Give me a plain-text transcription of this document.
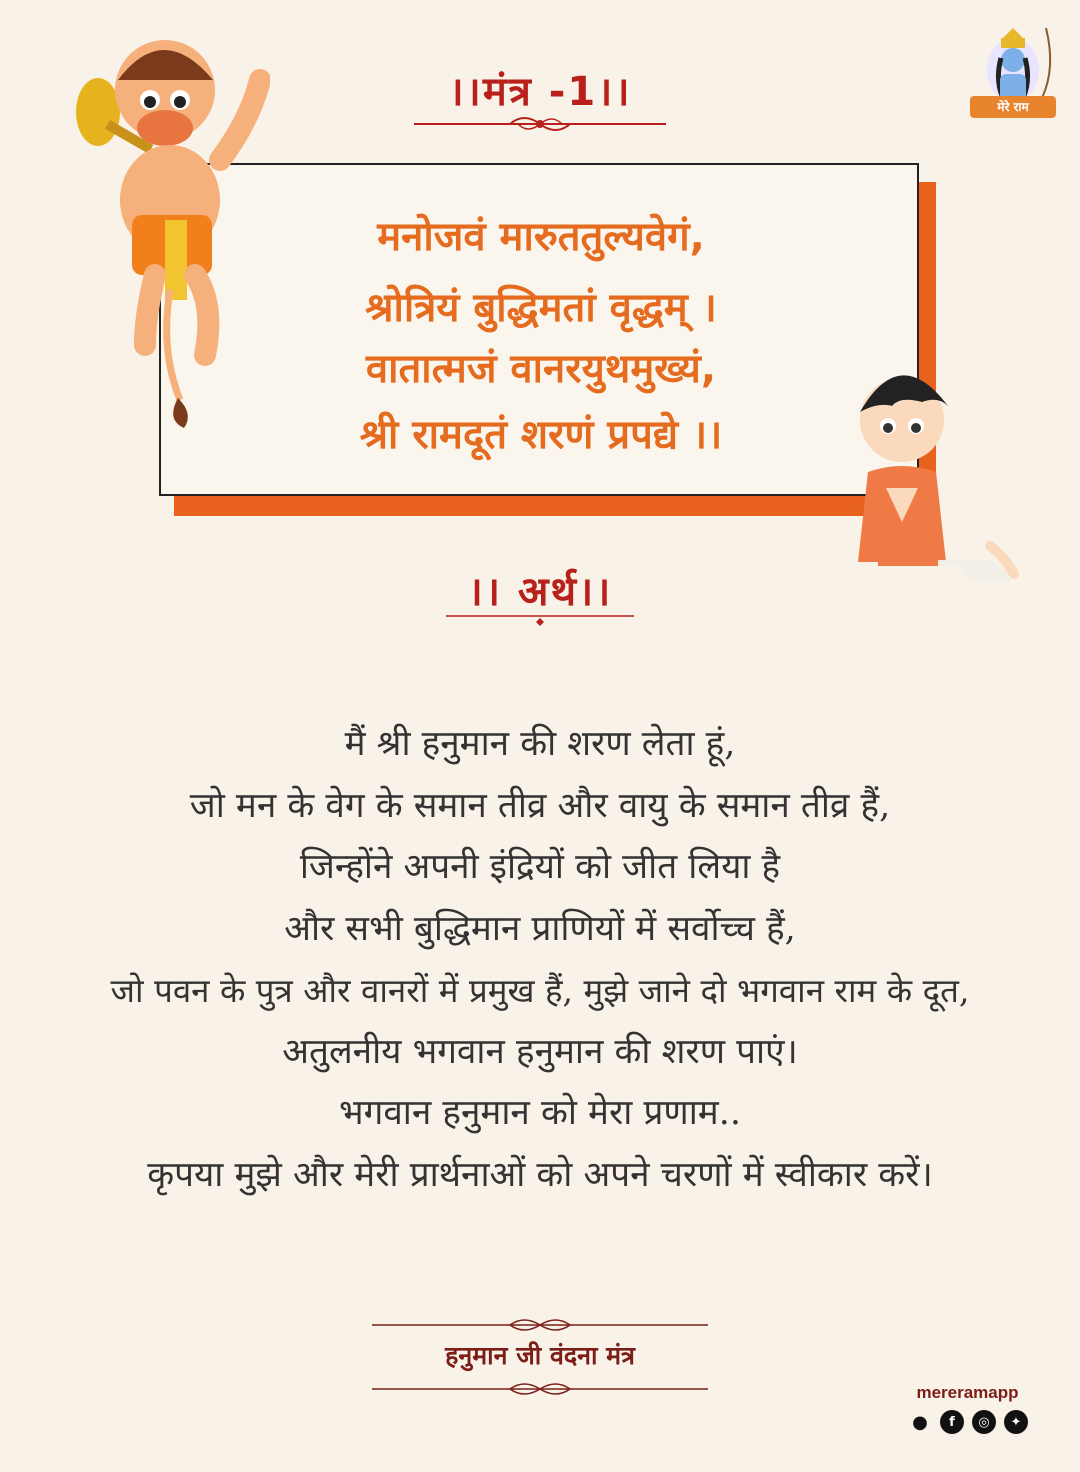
।।मंत्र -1।।	मेरे राम
मनोजवं मारुततुल्यवेगं,
श्रोत्रियं बुद्धिमतां वृद्धम् ।
वातात्मजं वानरयुथमुख्यं,
श्री रामदूतं शरणं प्रपद्ये ।।
।। अर्थ।।
मैं श्री हनुमान की शरण लेता हूं,
जो मन के वेग के समान तीव्र और वायु के समान तीव्र हैं,
जिन्होंने अपनी इंद्रियों को जीत लिया है
और सभी बुद्धिमान प्राणियों में सर्वोच्च हैं,
जो पवन के पुत्र और वानरों में प्रमुख हैं, मुझे जाने दो भगवान राम के दूत,
अतुलनीय भगवान हनुमान की शरण पाएं।
भगवान हनुमान को मेरा प्रणाम..
कृपया मुझे और मेरी प्रार्थनाओं को अपने चरणों में स्वीकार करें।
हनुमान जी वंदना मंत्र
mereramapp
●	f	◎	✦
